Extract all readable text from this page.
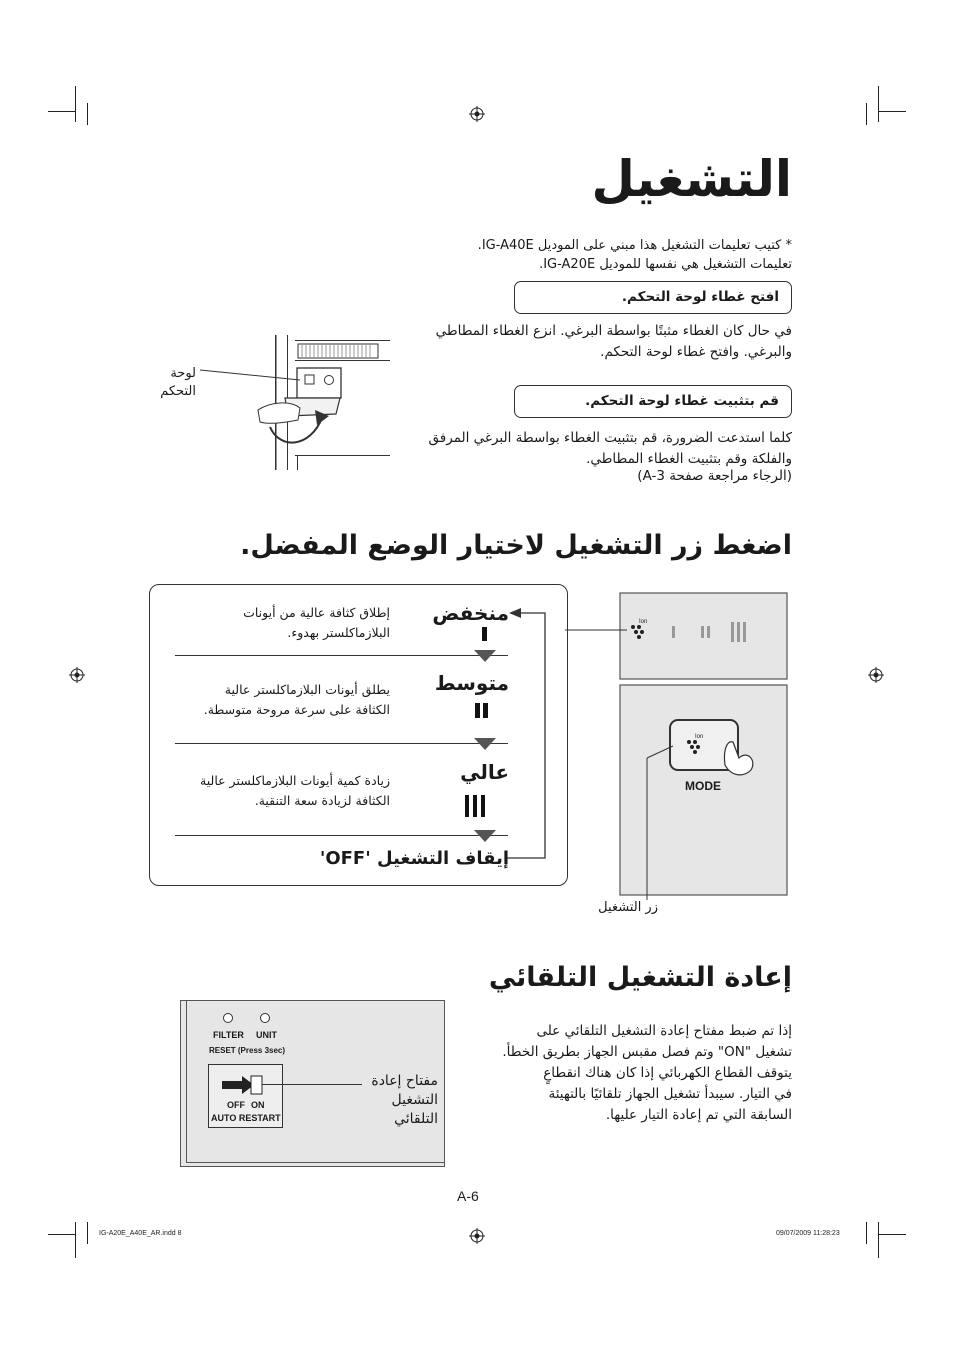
التشغيل
* كتيب تعليمات التشغيل هذا مبني على الموديل IG-A40E.
تعليمات التشغيل هي نفسها للموديل IG-A20E.
افتح غطاء لوحة التحكم.
في حال كان الغطاء مثبتًا بواسطة البرغي. انزع الغطاء المطاطي
والبرغي. وافتح غطاء لوحة التحكم.
قم بتثبيت غطاء لوحة التحكم.
كلما استدعت الضرورة، قم بتثبيت الغطاء بواسطة البرغي المرفق
والفلكة وقم بتثبيت الغطاء المطاطي.
(الرجاء مراجعة صفحة A-3)
لوحة
التحكم
اضغط زر التشغيل لاختيار الوضع المفضل.
منخفض
إطلاق كثافة عالية من أيونات
البلازماكلستر بهدوء.
متوسط
يطلق أيونات البلازماكلستر عالية
الكثافة على سرعة مروحة متوسطة.
عالي
زيادة كمية أيونات البلازماكلستر عالية
الكثافة لزيادة سعة التنقية.
إيقاف التشغيل 'OFF'
Ion
Ion
MODE
زر التشغيل
إعادة التشغيل التلقائي
إذا تم ضبط مفتاح إعادة التشغيل التلقائي على
تشغيل "ON" وتم فصل مقبس الجهاز بطريق الخطأ.
يتوقف القطاع الكهربائي إذا كان هناك انقطاعٍ
في التيار. سيبدأ تشغيل الجهاز تلقائيًا بالتهيئة
السابقة التي تم إعادة التيار عليها.
FILTER UNIT
RESET (Press 3sec)
OFF ON
AUTO RESTART
مفتاح إعادة
التشغيل
التلقائي
A-6
IG-A20E_A40E_AR.indd 8	09/07/2009 11:28:23
